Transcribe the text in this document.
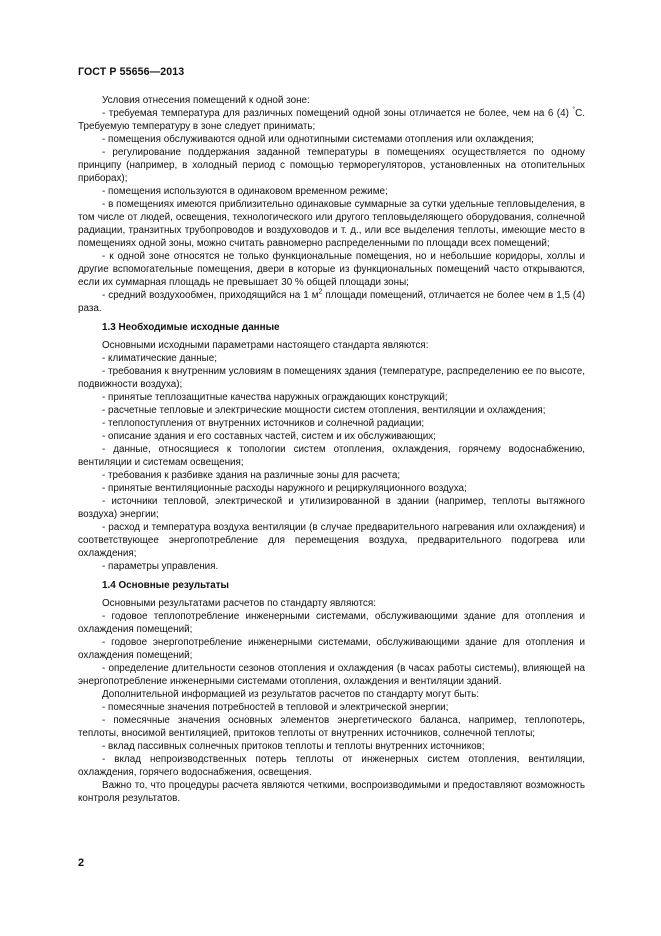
ГОСТ Р 55656—2013

Условия отнесения помещений к одной зоне:

- требуемая температура для различных помещений одной зоны отличается не более, чем на 6 (4) °С. Требуемую температуру в зоне следует принимать;

- помещения обслуживаются одной или однотипными системами отопления или охлаждения;

- регулирование поддержания заданной температуры в помещениях осуществляется по одному принципу (например, в холодный период с помощью терморегуляторов, установленных на отопительных приборах);

- помещения используются в одинаковом временном режиме;

- в помещениях имеются приблизительно одинаковые суммарные за сутки удельные тепловыделения, в том числе от людей, освещения, технологического или другого тепловыделяющего оборудования, солнечной радиации, транзитных трубопроводов и воздуховодов и т. д., или все выделения теплоты, имеющие место в помещениях одной зоны, можно считать равномерно распределенными по площади всех помещений;

- к одной зоне относятся не только функциональные помещения, но и небольшие коридоры, холлы и другие вспомогательные помещения, двери в которые из функциональных помещений часто открываются, если их суммарная площадь не превышает 30 % общей площади зоны;

- средний воздухообмен, приходящийся на 1 $м^2$ площади помещений, отличается не более чем в 1,5 (4) раза.

1.3 Необходимые исходные данные

Основными исходными параметрами настоящего стандарта являются:

- климатические данные;

- требования к внутренним условиям в помещениях здания (температуре, распределению ее по высоте, подвижности воздуха);

- принятые теплозащитные качества наружных ограждающих конструкций;

- расчетные тепловые и электрические мощности систем отопления, вентиляции и охлаждения;

- теплопоступления от внутренних источников и солнечной радиации;

- описание здания и его составных частей, систем и их обслуживающих;

- данные, относящиеся к топологии систем отопления, охлаждения, горячему водоснабжению, вентиляции и системам освещения;

- требования к разбивке здания на различные зоны для расчета;

- принятые вентиляционные расходы наружного и рециркуляционного воздуха;

- источники тепловой, электрической и утилизированной в здании (например, теплоты вытяжного воздуха) энергии;

- расход и температура воздуха вентиляции (в случае предварительного нагревания или охлаждения) и соответствующее энергопотребление для перемещения воздуха, предварительного подогрева или охлаждения;

- параметры управления.

1.4 Основные результаты

Основными результатами расчетов по стандарту являются:

- годовое теплопотребление инженерными системами, обслуживающими здание для отопления и охлаждения помещений;

- годовое энергопотребление инженерными системами, обслуживающими здание для отопления и охлаждения помещений;

- определение длительности сезонов отопления и охлаждения (в часах работы системы), влияющей на энергопотребление инженерными системами отопления, охлаждения и вентиляции зданий.

Дополнительной информацией из результатов расчетов по стандарту могут быть:

- помесячные значения потребностей в тепловой и электрической энергии;

- помесячные значения основных элементов энергетического баланса, например, теплопотерь, теплоты, вносимой вентиляцией, притоков теплоты от внутренних источников, солнечной теплоты;

- вклад пассивных солнечных притоков теплоты и теплоты внутренних источников;

- вклад непроизводственных потерь теплоты от инженерных систем отопления, вентиляции, охлаждения, горячего водоснабжения, освещения.

Важно то, что процедуры расчета являются четкими, воспроизводимыми и предоставляют возможность контроля результатов.

2
